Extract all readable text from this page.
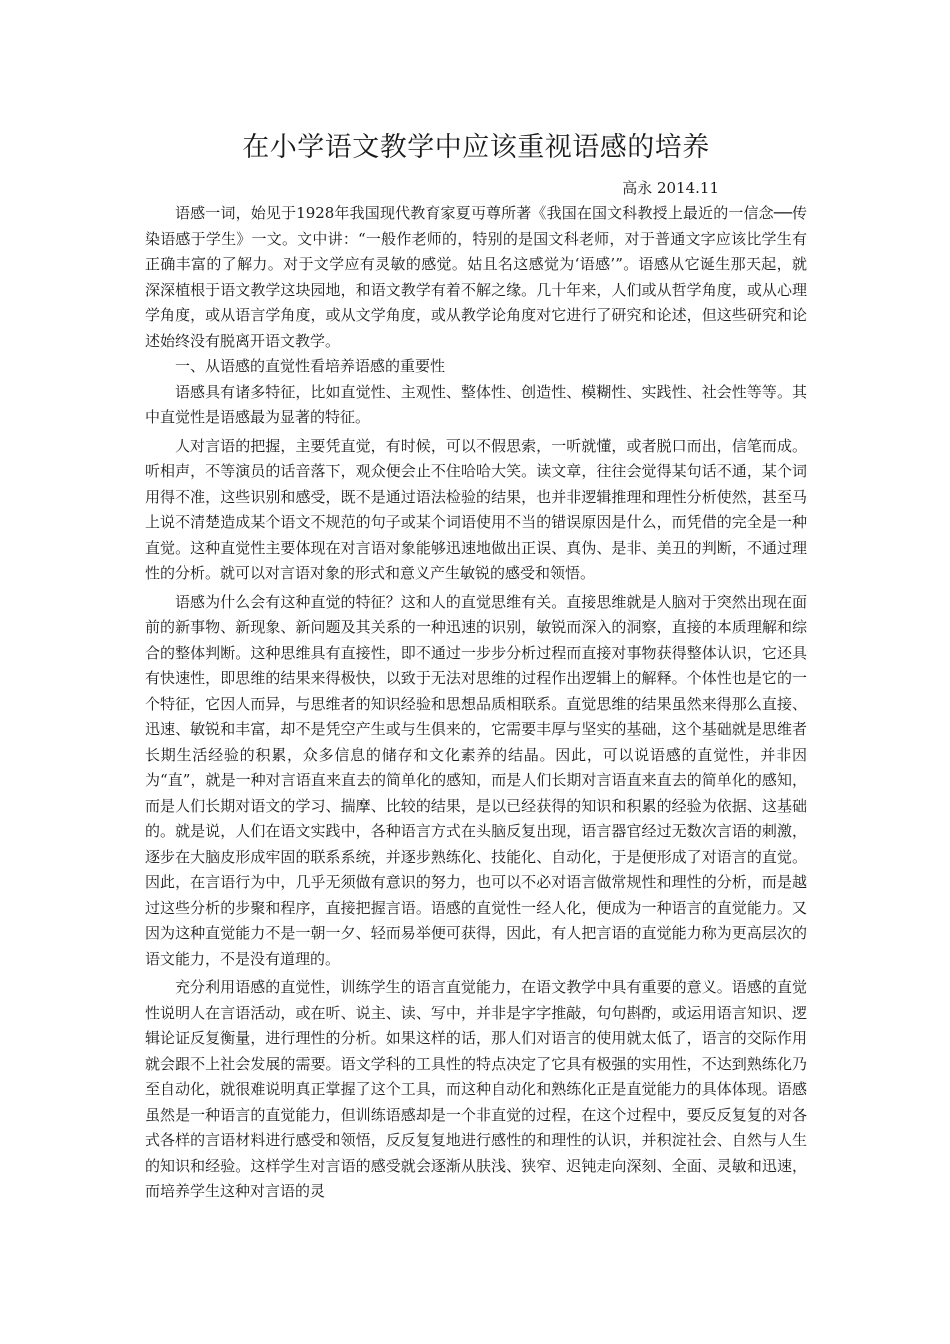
在小学语文教学中应该重视语感的培养

高永 2014.11

语感一词，始见于1928年我国现代教育家夏丏尊所著《我国在国文科教授上最近的一信念──传染语感于学生》一文。文中讲：“一般作老师的，特别的是国文科老师，对于普通文字应该比学生有正确丰富的了解力。对于文学应有灵敏的感觉。姑且名这感觉为‘语感’”。语感从它诞生那天起，就深深植根于语文教学这块园地，和语文教学有着不解之缘。几十年来，人们或从哲学角度，或从心理学角度，或从语言学角度，或从文学角度，或从教学论角度对它进行了研究和论述，但这些研究和论述始终没有脱离开语文教学。

一、从语感的直觉性看培养语感的重要性

语感具有诸多特征，比如直觉性、主观性、整体性、创造性、模糊性、实践性、社会性等等。其中直觉性是语感最为显著的特征。

人对言语的把握，主要凭直觉，有时候，可以不假思索，一听就懂，或者脱口而出，信笔而成。听相声，不等演员的话音落下，观众便会止不住哈哈大笑。读文章，往往会觉得某句话不通，某个词用得不准，这些识别和感受，既不是通过语法检验的结果，也并非逻辑推理和理性分析使然，甚至马上说不清楚造成某个语文不规范的句子或某个词语使用不当的错误原因是什么，而凭借的完全是一种直觉。这种直觉性主要体现在对言语对象能够迅速地做出正误、真伪、是非、美丑的判断，不通过理性的分析。就可以对言语对象的形式和意义产生敏锐的感受和领悟。

语感为什么会有这种直觉的特征？这和人的直觉思维有关。直接思维就是人脑对于突然出现在面前的新事物、新现象、新问题及其关系的一种迅速的识别，敏锐而深入的洞察，直接的本质理解和综合的整体判断。这种思维具有直接性，即不通过一步步分析过程而直接对事物获得整体认识，它还具有快速性，即思维的结果来得极快，以致于无法对思维的过程作出逻辑上的解释。个体性也是它的一个特征，它因人而异，与思维者的知识经验和思想品质相联系。直觉思维的结果虽然来得那么直接、迅速、敏锐和丰富，却不是凭空产生或与生俱来的，它需要丰厚与坚实的基础，这个基础就是思维者长期生活经验的积累，众多信息的储存和文化素养的结晶。因此，可以说语感的直觉性，并非因为“直”，就是一种对言语直来直去的简单化的感知，而是人们长期对言语直来直去的简单化的感知，而是人们长期对语文的学习、揣摩、比较的结果，是以已经获得的知识和积累的经验为依据、这基础的。就是说，人们在语文实践中，各种语言方式在头脑反复出现，语言器官经过无数次言语的刺激，逐步在大脑皮形成牢固的联系系统，并逐步熟练化、技能化、自动化，于是便形成了对语言的直觉。因此，在言语行为中，几乎无须做有意识的努力，也可以不必对语言做常规性和理性的分析，而是越过这些分析的步聚和程序，直接把握言语。语感的直觉性一经人化，便成为一种语言的直觉能力。又因为这种直觉能力不是一朝一夕、轻而易举便可获得，因此，有人把言语的直觉能力称为更高层次的语文能力，不是没有道理的。

充分利用语感的直觉性，训练学生的语言直觉能力，在语文教学中具有重要的意义。语感的直觉性说明人在言语活动，或在听、说主、读、写中，并非是字字推敲，句句斟酌，或运用语言知识、逻辑论证反复衡量，进行理性的分析。如果这样的话，那人们对语言的使用就太低了，语言的交际作用就会跟不上社会发展的需要。语文学科的工具性的特点决定了它具有极强的实用性，不达到熟练化乃至自动化，就很难说明真正掌握了这个工具，而这种自动化和熟练化正是直觉能力的具体体现。语感虽然是一种语言的直觉能力，但训练语感却是一个非直觉的过程，在这个过程中，要反反复复的对各式各样的言语材料进行感受和领悟，反反复复地进行感性的和理性的认识，并积淀社会、自然与人生的知识和经验。这样学生对言语的感受就会逐渐从肤浅、狭窄、迟钝走向深刻、全面、灵敏和迅速，而培养学生这种对言语的灵
